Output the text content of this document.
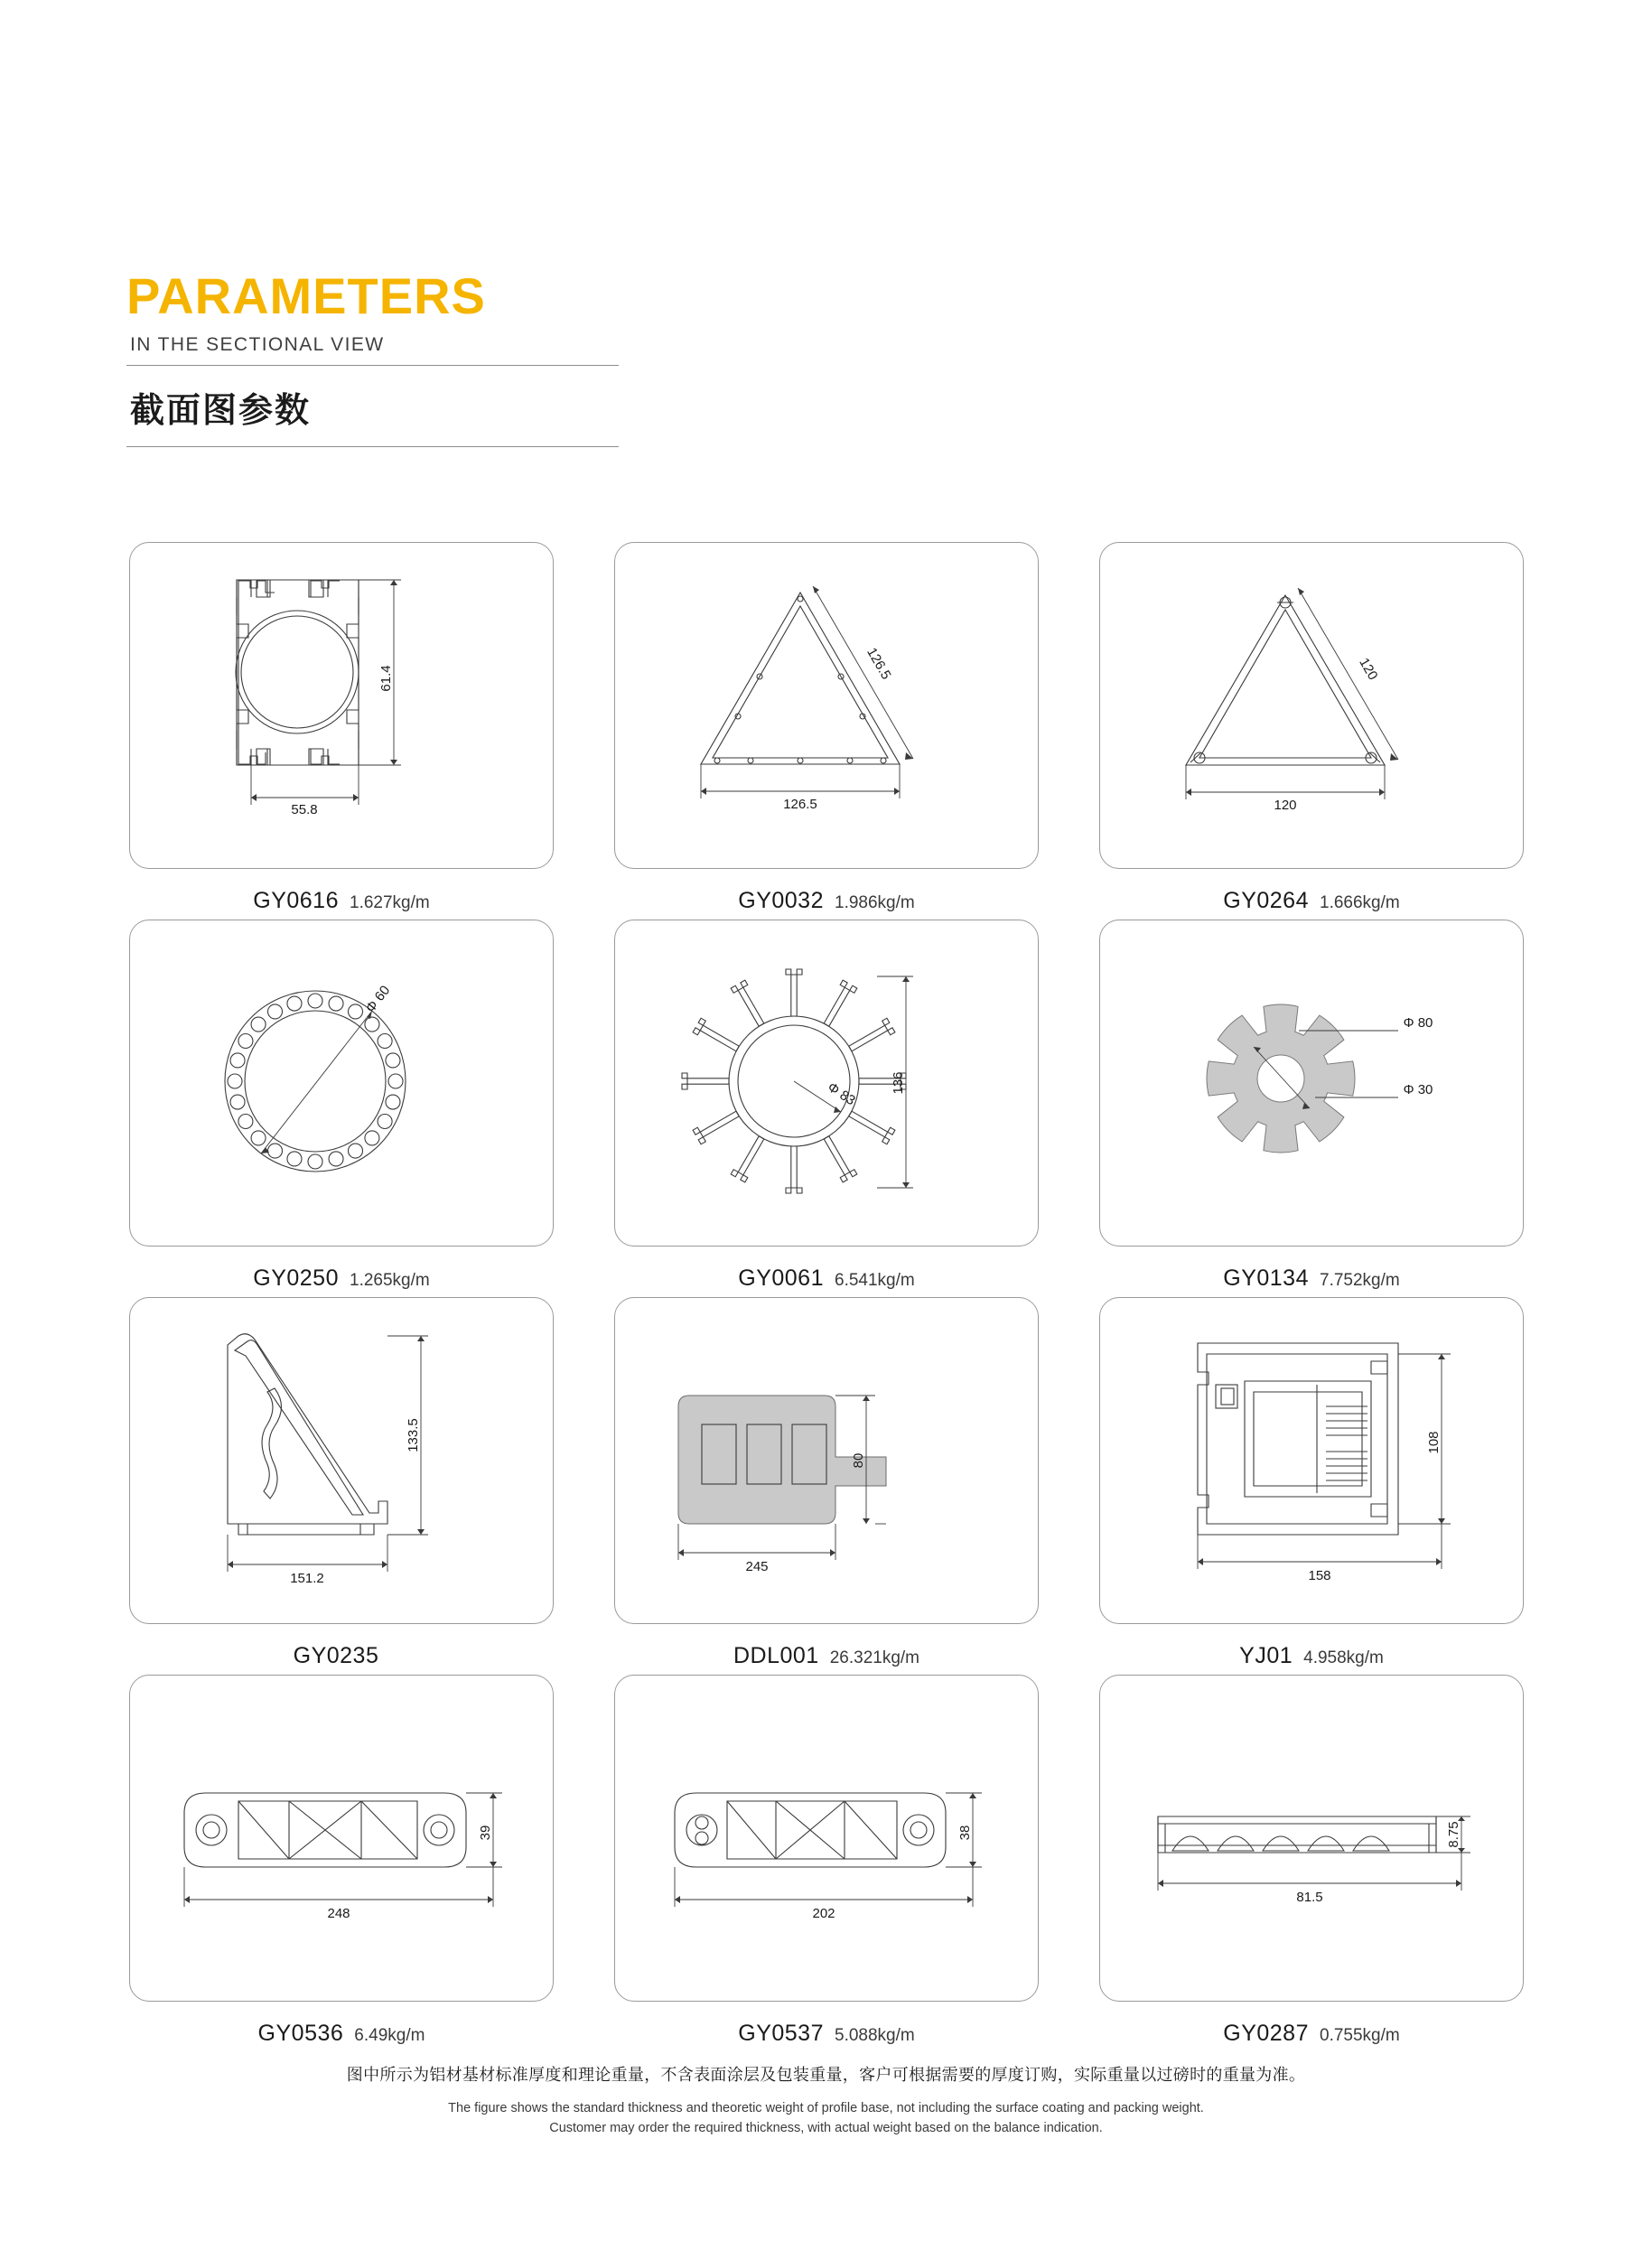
PARAMETERS
IN THE SECTIONAL VIEW
截面图参数
61.4
55.8
GY0616 1.627kg/m
126.5
126.5
GY0032 1.986kg/m
120
120
GY0264 1.666kg/m
Φ 60
GY0250 1.265kg/m
136
Φ 83
GY0061 6.541kg/m
Φ 80
Φ 30
GY0134 7.752kg/m
133.5
151.2
GY0235
80
245
DDL001 26.321kg/m
108
158
YJ01 4.958kg/m
39
248
GY0536 6.49kg/m
38
202
GY0537 5.088kg/m
8.75
81.5
GY0287 0.755kg/m
图中所示为铝材基材标准厚度和理论重量，不含表面涂层及包装重量，客户可根据需要的厚度订购，实际重量以过磅时的重量为准。
The figure shows the standard thickness and theoretic weight of profile base, not including the surface coating and packing weight.
Customer may order the required thickness, with actual weight based on the balance indication.
